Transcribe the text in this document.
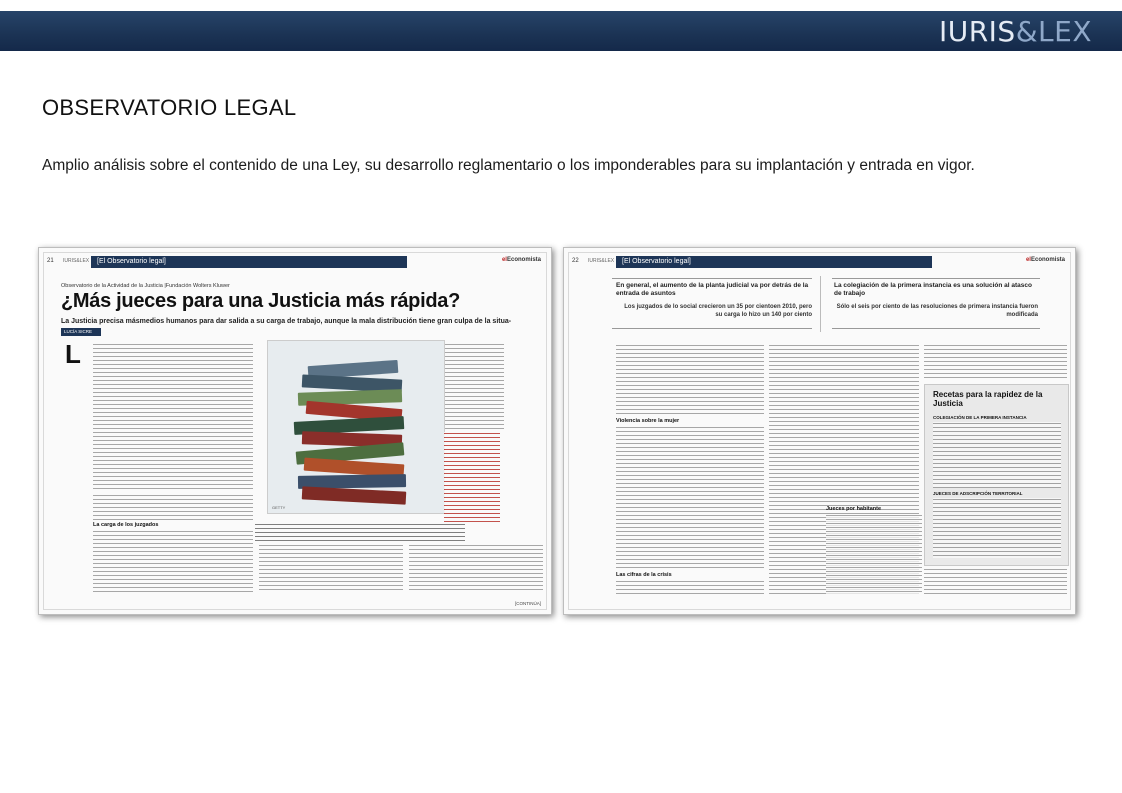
IURIS&LEX
OBSERVATORIO LEGAL
Amplio análisis sobre el contenido de una Ley, su desarrollo reglamentario o los imponderables para su implantación y entrada en vigor.
21 IURIS&LEX	[El Observatorio legal]	elEconomista
Observatorio de la Actividad de la Justicia |Fundación Wolters Kluwer
¿Más jueces para una Justicia más rápida?
La Justicia precisa másmedios humanos para dar salida a su carga de trabajo, aunque la mala distribución tiene gran culpa de la situa-
LUCÍA SICRE
L
La carga de los juzgados
GETTY
[CONTINÚA]
22 IURIS&LEX	[El Observatorio legal]	elEconomista
En general, el aumento de la planta judicial va por detrás de la entrada de asuntos
Los juzgados de lo social crecieron un 35 por cientoen 2010, pero su carga lo hizo un 140 por ciento
La colegiación de la primera instancia es una solución al atasco de trabajo
Sólo el seis por ciento de las resoluciones de primera instancia fueron modificada
Violencia sobre la mujer
Las cifras de la crisis
Jueces por habitante
Recetas para la rapidez de la Justicia
COLEGIACIÓN DE LA PRIMERA INSTANCIA
JUECES DE ADSCRIPCIÓN TERRITORIAL
